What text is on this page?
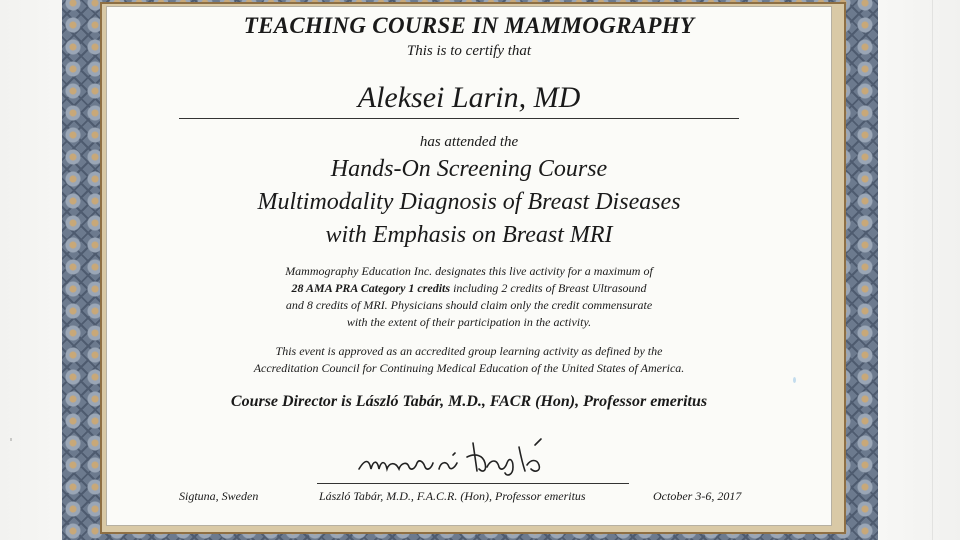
TEACHING COURSE IN MAMMOGRAPHY
This is to certify that
Aleksei Larin, MD
has attended the
Hands-On Screening Course
Multimodality Diagnosis of Breast Diseases
with Emphasis on Breast MRI
Mammography Education Inc. designates this live activity for a maximum of
28 AMA PRA Category 1 credits including 2 credits of Breast Ultrasound
and 8 credits of MRI. Physicians should claim only the credit commensurate
with the extent of their participation in the activity.
This event is approved as an accredited group learning activity as defined by the
Accreditation Council for Continuing Medical Education of the United States of America.
Course Director is László Tabár, M.D., FACR (Hon), Professor emeritus
Sigtuna, Sweden	László Tabár, M.D., F.A.C.R. (Hon), Professor emeritus	October 3-6, 2017
